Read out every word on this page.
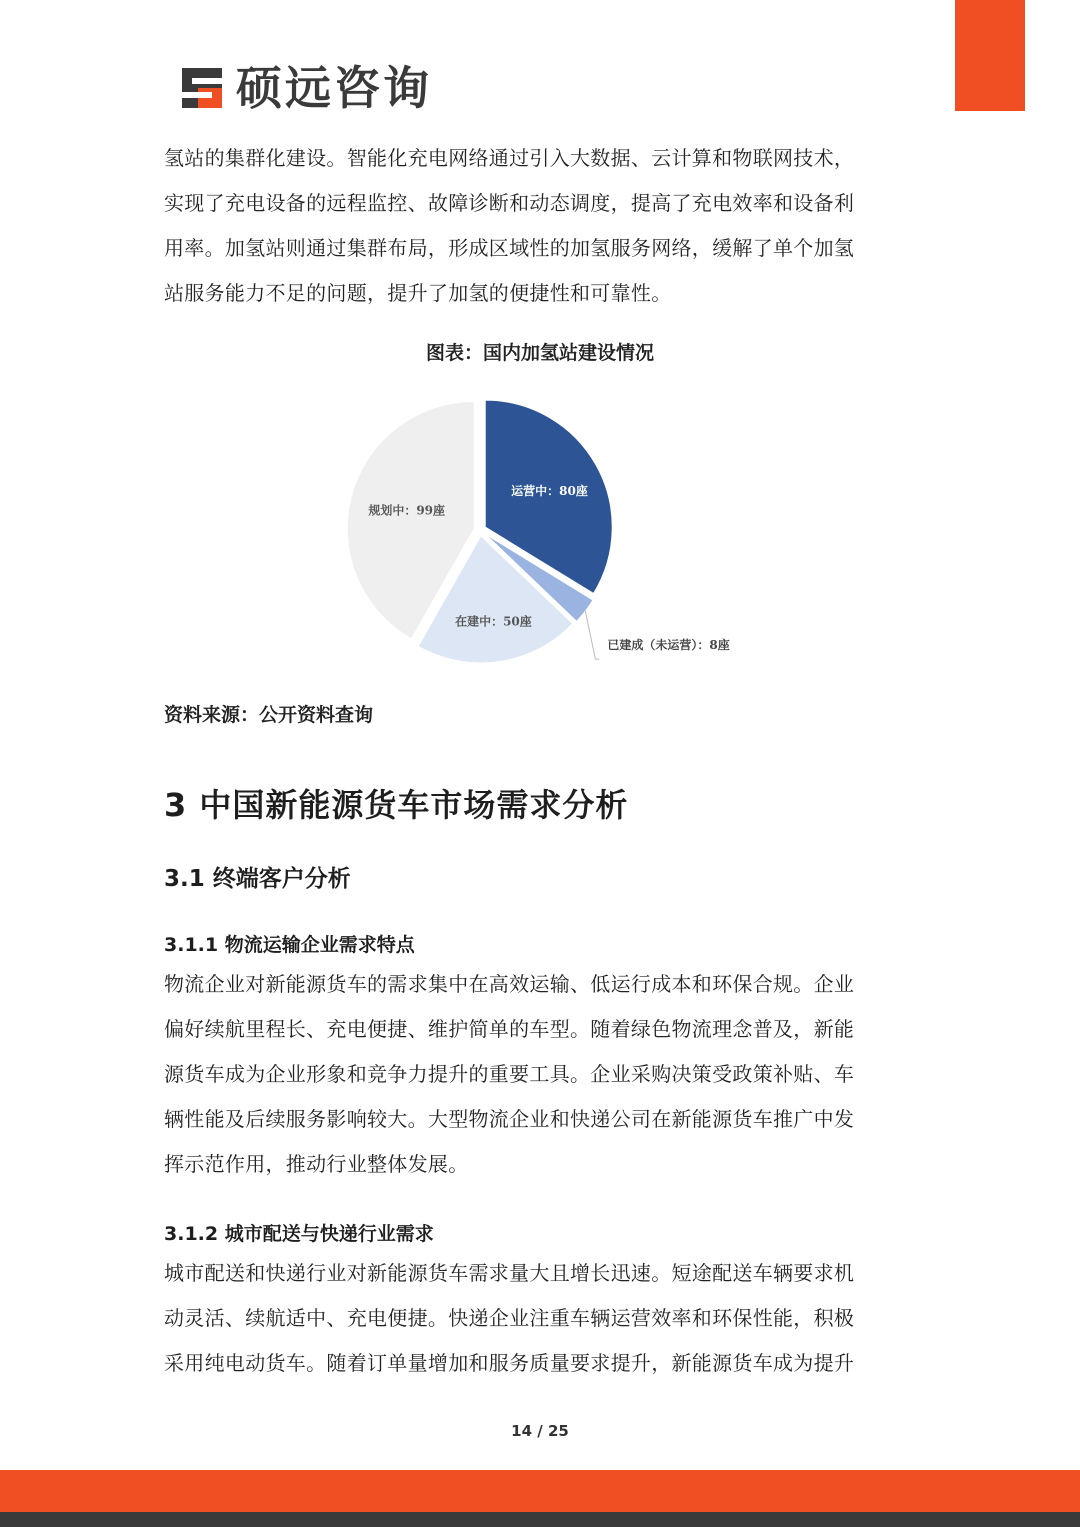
硕远咨询

氢站的集群化建设。智能化充电网络通过引入大数据、云计算和物联网技术，
实现了充电设备的远程监控、故障诊断和动态调度，提高了充电效率和设备利
用率。加氢站则通过集群布局，形成区域性的加氢服务网络，缓解了单个加氢
站服务能力不足的问题，提升了加氢的便捷性和可靠性。

图表：国内加氢站建设情况
运营中：80座
已建成（未运营）：8座
在建中：50座
规划中：99座
资料来源：公开资料查询
3 中国新能源货车市场需求分析
3.1 终端客户分析
3.1.1 物流运输企业需求特点

物流企业对新能源货车的需求集中在高效运输、低运行成本和环保合规。企业
偏好续航里程长、充电便捷、维护简单的车型。随着绿色物流理念普及，新能
源货车成为企业形象和竞争力提升的重要工具。企业采购决策受政策补贴、车
辆性能及后续服务影响较大。大型物流企业和快递公司在新能源货车推广中发
挥示范作用，推动行业整体发展。

3.1.2 城市配送与快递行业需求

城市配送和快递行业对新能源货车需求量大且增长迅速。短途配送车辆要求机
动灵活、续航适中、充电便捷。快递企业注重车辆运营效率和环保性能，积极
采用纯电动货车。随着订单量增加和服务质量要求提升，新能源货车成为提升

14 / 25
